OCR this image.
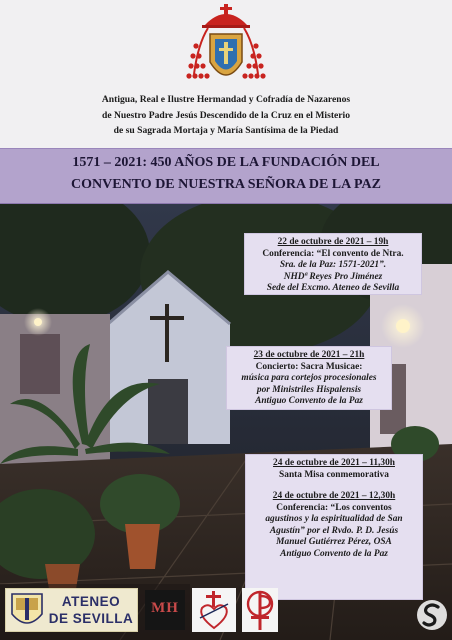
Antigua, Real e Ilustre Hermandad y Cofradía de Nazarenos
de Nuestro Padre Jesús Descendido de la Cruz en el Misterio
de su Sagrada Mortaja y María Santísima de la Piedad
1571 – 2021: 450 AÑOS DE LA FUNDACIÓN DEL
CONVENTO DE NUESTRA SEÑORA DE LA PAZ
22 de octubre de 2021 – 19h
Conferencia: “El convento de Ntra.
Sra. de la Paz: 1571-2021”.
NHDª Reyes Pro Jiménez
Sede del Excmo. Ateneo de Sevilla
23 de octubre de 2021 – 21h
Concierto: Sacra Musicae:
música para cortejos procesionales
por Ministriles Hispalensis
Antiguo Convento de la Paz
24 de octubre de 2021 – 11,30h
Santa Misa conmemorativa
24 de octubre de 2021 – 12,30h
Conferencia: “Los conventos
agustinos y la espiritualidad de San
Agustín” por el Rvdo. P. D. Jesús
Manuel Gutiérrez Pérez, OSA
Antiguo Convento de la Paz
ATENEO
DE SEVILLA
MH
